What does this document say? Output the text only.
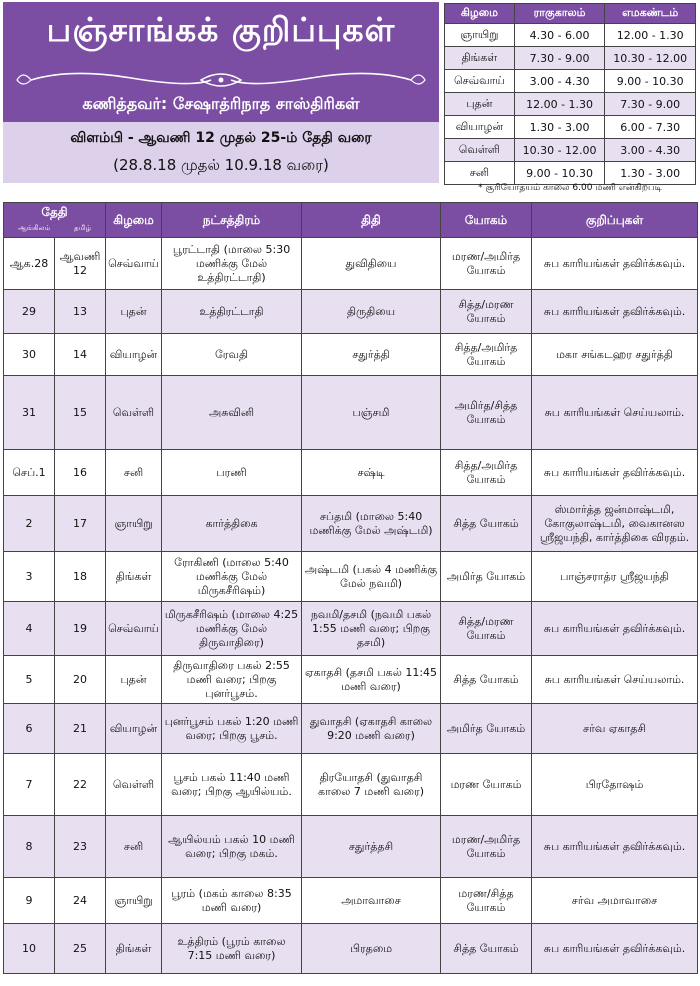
பஞ்சாங்கக் குறிப்புகள்
கணித்தவர்: சேஷாத்ரிநாத சாஸ்திரிகள்
விளம்பி - ஆவணி 12 முதல் 25-ம் தேதி வரை
(28.8.18 முதல் 10.9.18 வரை)
கிழமை	ராகுகாலம்	எமகண்டம்
ஞாயிறு	4.30 - 6.00	12.00 - 1.30
திங்கள்	7.30 - 9.00	10.30 - 12.00
செவ்வாய்	3.00 - 4.30	9.00 - 10.30
புதன்	12.00 - 1.30	7.30 - 9.00
வியாழன்	1.30 - 3.00	6.00 - 7.30
வெள்ளி	10.30 - 12.00	3.00 - 4.30
சனி	9.00 - 10.30	1.30 - 3.00
* சூரியோதயம் காலை 6.00 மணி என்கிறபடி
தேதி
ஆங்கிலம் தமிழ்		கிழமை	நட்சத்திரம்	திதி	யோகம்	குறிப்புகள்
ஆக.28	ஆவணி 12	செவ்வாய்	பூரட்டாதி (மாலை 5:30 மணிக்கு மேல் உத்திரட்டாதி)	துவிதியை	மரண/அமிர்த யோகம்	சுப காரியங்கள் தவிர்க்கவும்.
29	13	புதன்	உத்திரட்டாதி	திருதியை	சித்த/மரண யோகம்	சுப காரியங்கள் தவிர்க்கவும்.
30	14	வியாழன்	ரேவதி	சதுர்த்தி	சித்த/அமிர்த யோகம்	மகா சங்கடஹர சதுர்த்தி
31	15	வெள்ளி	அசுவினி	பஞ்சமி	அமிர்த/சித்த யோகம்	சுப காரியங்கள் செய்யலாம்.
செப்.1	16	சனி	பரணி	சஷ்டி	சித்த/அமிர்த யோகம்	சுப காரியங்கள் தவிர்க்கவும்.
2	17	ஞாயிறு	கார்த்திகை	சப்தமி (மாலை 5:40 மணிக்கு மேல் அஷ்டமி)	சித்த யோகம்	ஸ்மார்த்த ஜன்மாஷ்டமி, கோகுலாஷ்டமி, வைகானஸ ஸ்ரீஜயந்தி, கார்த்திகை விரதம்.
3	18	திங்கள்	ரோகிணி (மாலை 5:40 மணிக்கு மேல் மிருகசீரிஷம்)	அஷ்டமி (பகல் 4 மணிக்கு மேல் நவமி)	அமிர்த யோகம்	பாஞ்சராத்ர ஸ்ரீஜயந்தி
4	19	செவ்வாய்	மிருகசீரிஷம் (மாலை 4:25 மணிக்கு மேல் திருவாதிரை)	நவமி/தசமி (நவமி பகல் 1:55 மணி வரை; பிறகு தசமி)	சித்த/மரண யோகம்	சுப காரியங்கள் தவிர்க்கவும்.
5	20	புதன்	திருவாதிரை பகல் 2:55 மணி வரை; பிறகு புனர்பூசம்.	ஏகாதசி (தசமி பகல் 11:45 மணி வரை)	சித்த யோகம்	சுப காரியங்கள் செய்யலாம்.
6	21	வியாழன்	புனர்பூசம் பகல் 1:20 மணி வரை; பிறகு பூசம்.	துவாதசி (ஏகாதசி காலை 9:20 மணி வரை)	அமிர்த யோகம்	சர்வ ஏகாதசி
7	22	வெள்ளி	பூசம் பகல் 11:40 மணி வரை; பிறகு ஆயில்யம்.	திரயோதசி (துவாதசி காலை 7 மணி வரை)	மரண யோகம்	பிரதோஷம்
8	23	சனி	ஆயில்யம் பகல் 10 மணி வரை; பிறகு மகம்.	சதுர்த்தசி	மரண/அமிர்த யோகம்	சுப காரியங்கள் தவிர்க்கவும்.
9	24	ஞாயிறு	பூரம் (மகம் காலை 8:35 மணி வரை)	அமாவாசை	மரண/சித்த யோகம்	சர்வ அமாவாசை
10	25	திங்கள்	உத்திரம் (பூரம் காலை 7:15 மணி வரை)	பிரதமை	சித்த யோகம்	சுப காரியங்கள் தவிர்க்கவும்.
